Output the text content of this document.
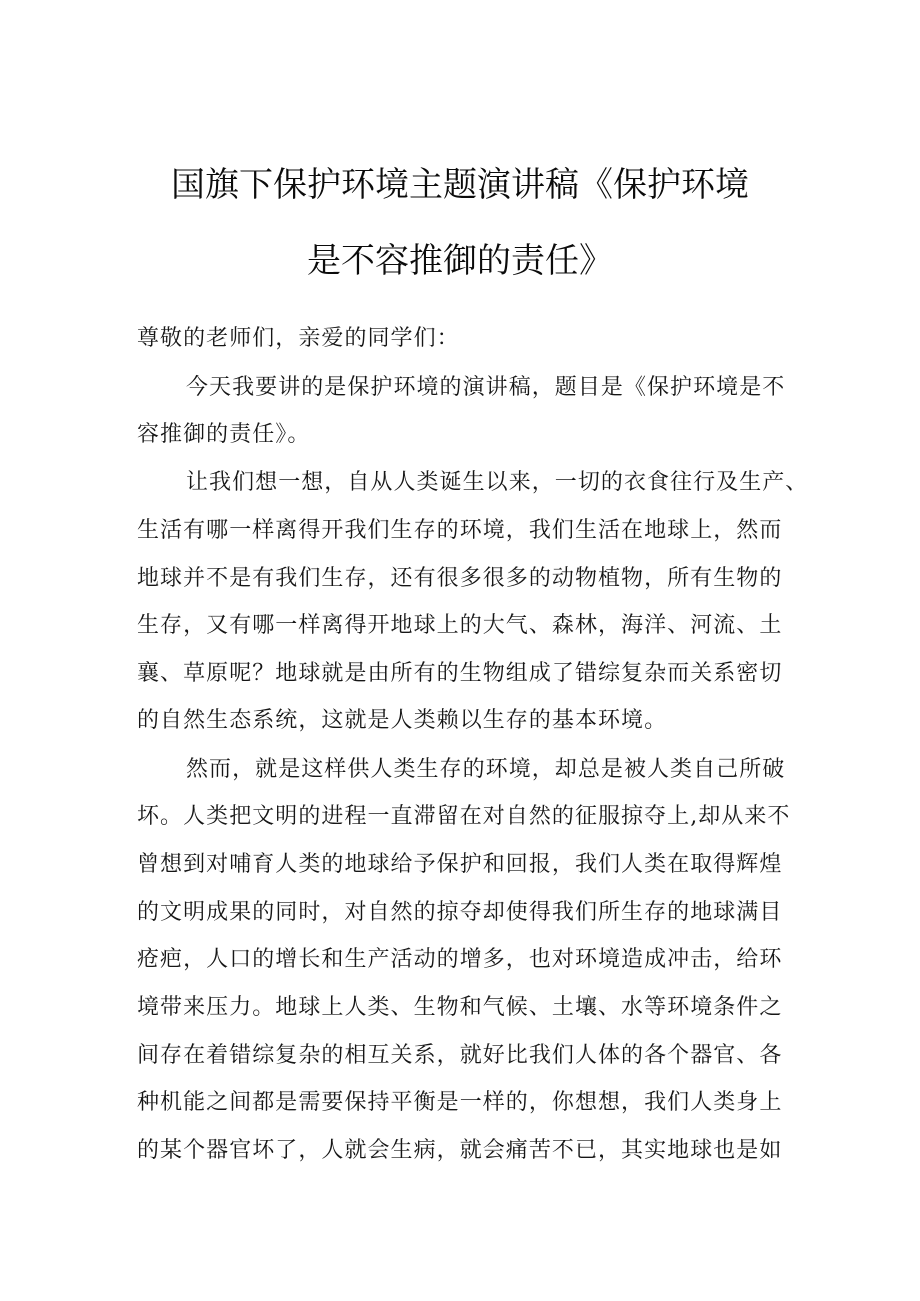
国旗下保护环境主题演讲稿《保护环境
是不容推御的责任》
尊敬的老师们，亲爱的同学们：
今天我要讲的是保护环境的演讲稿，题目是《保护环境是不
容推御的责任》。
让我们想一想，自从人类诞生以来，一切的衣食往行及生产、
生活有哪一样离得开我们生存的环境，我们生活在地球上，然而
地球并不是有我们生存，还有很多很多的动物植物，所有生物的
生存，又有哪一样离得开地球上的大气、森林，海洋、河流、土
襄、草原呢？地球就是由所有的生物组成了错综复杂而关系密切
的自然生态系统，这就是人类赖以生存的基本环境。
然而，就是这样供人类生存的环境，却总是被人类自己所破
坏。人类把文明的进程一直滞留在对自然的征服掠夺上,却从来不
曾想到对哺育人类的地球给予保护和回报，我们人类在取得辉煌
的文明成果的同时，对自然的掠夺却使得我们所生存的地球满目
疮疤，人口的增长和生产活动的增多，也对环境造成冲击，给环
境带来压力。地球上人类、生物和气候、土壤、水等环境条件之
间存在着错综复杂的相互关系，就好比我们人体的各个器官、各
种机能之间都是需要保持平衡是一样的，你想想，我们人类身上
的某个器官坏了，人就会生病，就会痛苦不已，其实地球也是如
